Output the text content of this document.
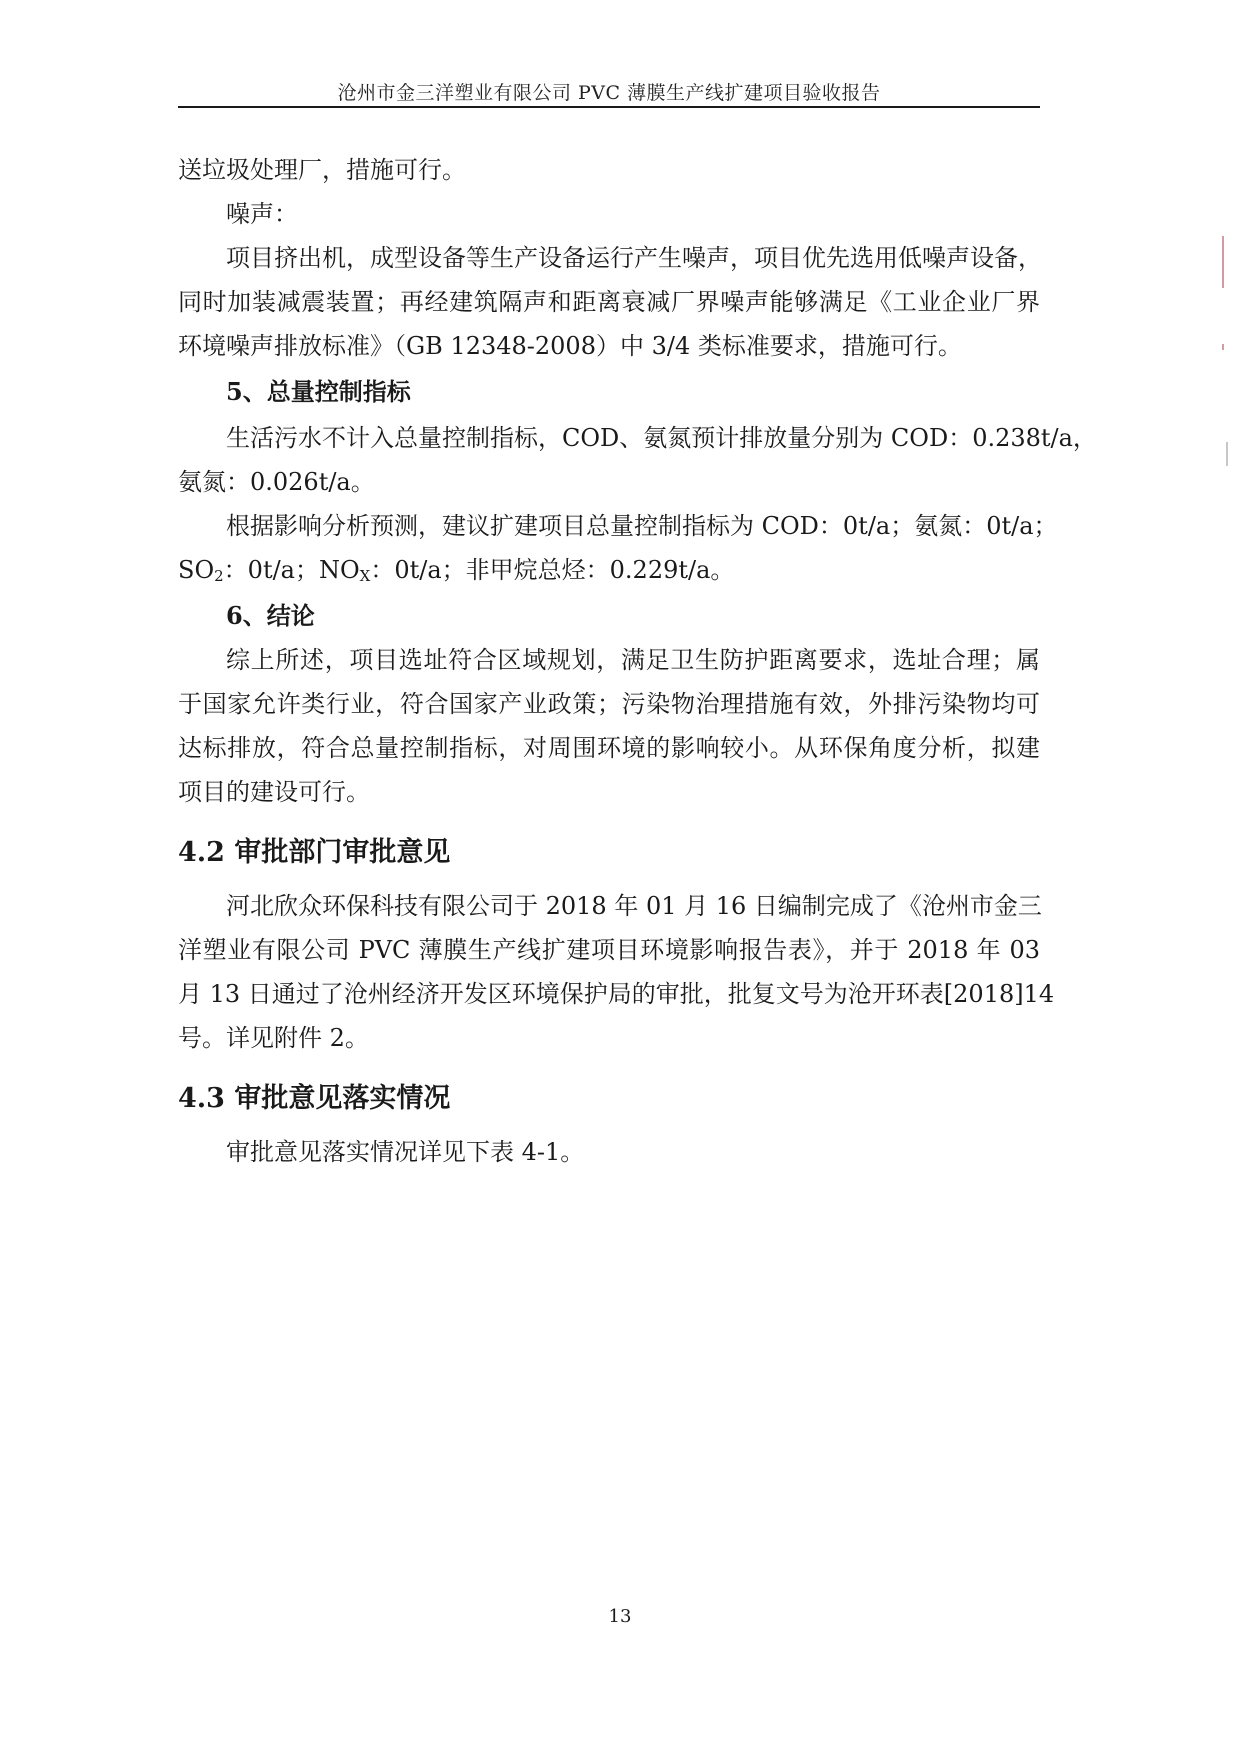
沧州市金三洋塑业有限公司 PVC 薄膜生产线扩建项目验收报告
送垃圾处理厂，措施可行。
噪声：
项目挤出机，成型设备等生产设备运行产生噪声，项目优先选用低噪声设备，
同时加装减震装置；再经建筑隔声和距离衰减厂界噪声能够满足《工业企业厂界
环境噪声排放标准》（GB 12348-2008）中 3/4 类标准要求，措施可行。
5、总量控制指标
生活污水不计入总量控制指标，COD、氨氮预计排放量分别为 COD：0.238t/a，
氨氮：0.026t/a。
根据影响分析预测，建议扩建项目总量控制指标为 COD：0t/a；氨氮：0t/a；
$SO_2$：0t/a；$NO_X$：0t/a；非甲烷总烃：0.229t/a。
6、结论
综上所述，项目选址符合区域规划，满足卫生防护距离要求，选址合理；属
于国家允许类行业，符合国家产业政策；污染物治理措施有效，外排污染物均可
达标排放，符合总量控制指标，对周围环境的影响较小。从环保角度分析，拟建
项目的建设可行。
4.2 审批部门审批意见
河北欣众环保科技有限公司于 2018 年 01 月 16 日编制完成了《沧州市金三
洋塑业有限公司 PVC 薄膜生产线扩建项目环境影响报告表》，并于 2018 年 03
月 13 日通过了沧州经济开发区环境保护局的审批，批复文号为沧开环表[2018]14
号。详见附件 2。
4.3 审批意见落实情况
审批意见落实情况详见下表 4-1。
13
